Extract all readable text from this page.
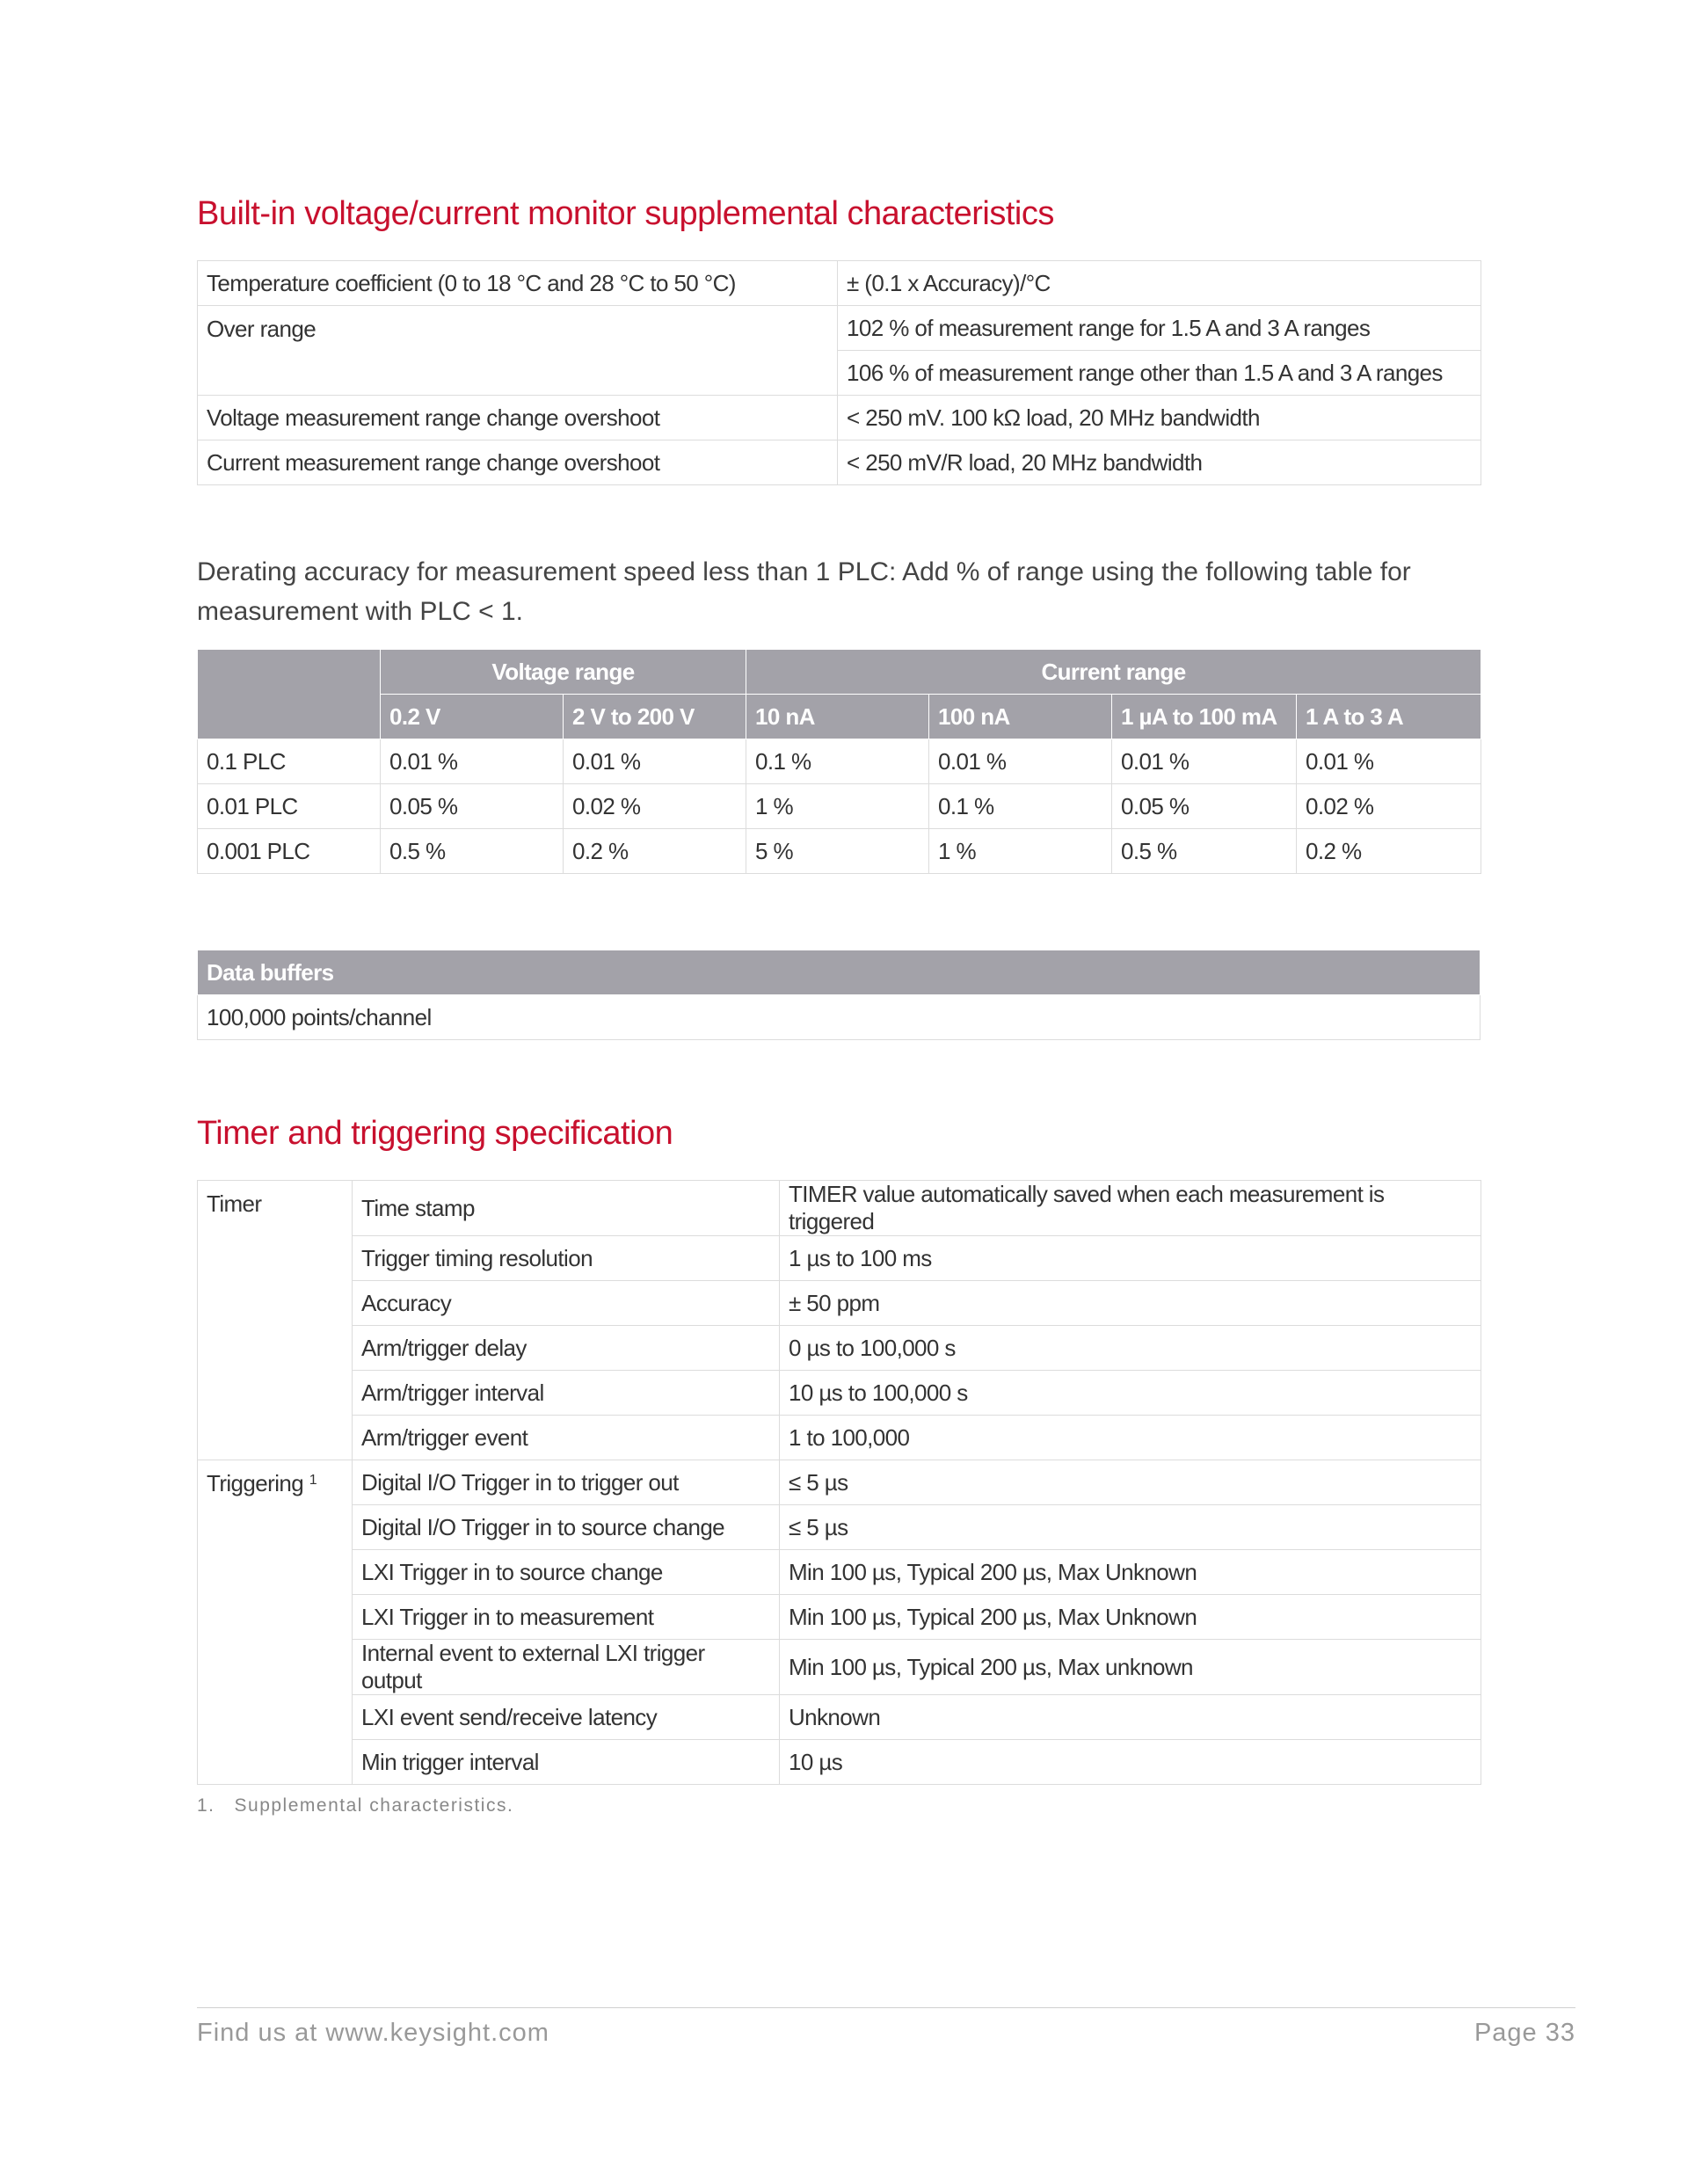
Built-in voltage/current monitor supplemental characteristics
Temperature coefficient (0 to 18 °C and 28 °C to 50 °C)	± (0.1 x Accuracy)/°C
Over range	102 % of measurement range for 1.5 A and 3 A ranges
	106 % of measurement range other than 1.5 A and 3 A ranges
Voltage measurement range change overshoot	< 250 mV. 100 kΩ load, 20 MHz bandwidth
Current measurement range change overshoot	< 250 mV/R load, 20 MHz bandwidth

Derating accuracy for measurement speed less than 1 PLC: Add % of range using the following table for measurement with PLC < 1.

	Voltage range		Current range			
	0.2 V	2 V to 200 V	10 nA	100 nA	1 µA to 100 mA	1 A to 3 A
0.1 PLC	0.01 %	0.01 %	0.1 %	0.01 %	0.01 %	0.01 %
0.01 PLC	0.05 %	0.02 %	1 %	0.1 %	0.05 %	0.02 %
0.001 PLC	0.5 %	0.2 %	5 %	1 %	0.5 %	0.2 %
Data buffers
100,000 points/channel
Timer and triggering specification
Timer	Time stamp	TIMER value automatically saved when each measurement is triggered
	Trigger timing resolution	1 µs to 100 ms
	Accuracy	± 50 ppm
	Arm/trigger delay	0 µs to 100,000 s
	Arm/trigger interval	10 µs to 100,000 s
	Arm/trigger event	1 to 100,000
Triggering $^1$	Digital I/O Trigger in to trigger out	≤ 5 µs
	Digital I/O Trigger in to source change	≤ 5 µs
	LXI Trigger in to source change	Min 100 µs, Typical 200 µs, Max Unknown
	LXI Trigger in to measurement	Min 100 µs, Typical 200 µs, Max Unknown
	Internal event to external LXI trigger output	Min 100 µs, Typical 200 µs, Max unknown
	LXI event send/receive latency	Unknown
	Min trigger interval	10 µs
1.   Supplemental characteristics.
Find us at www.keysight.com	Page 33
